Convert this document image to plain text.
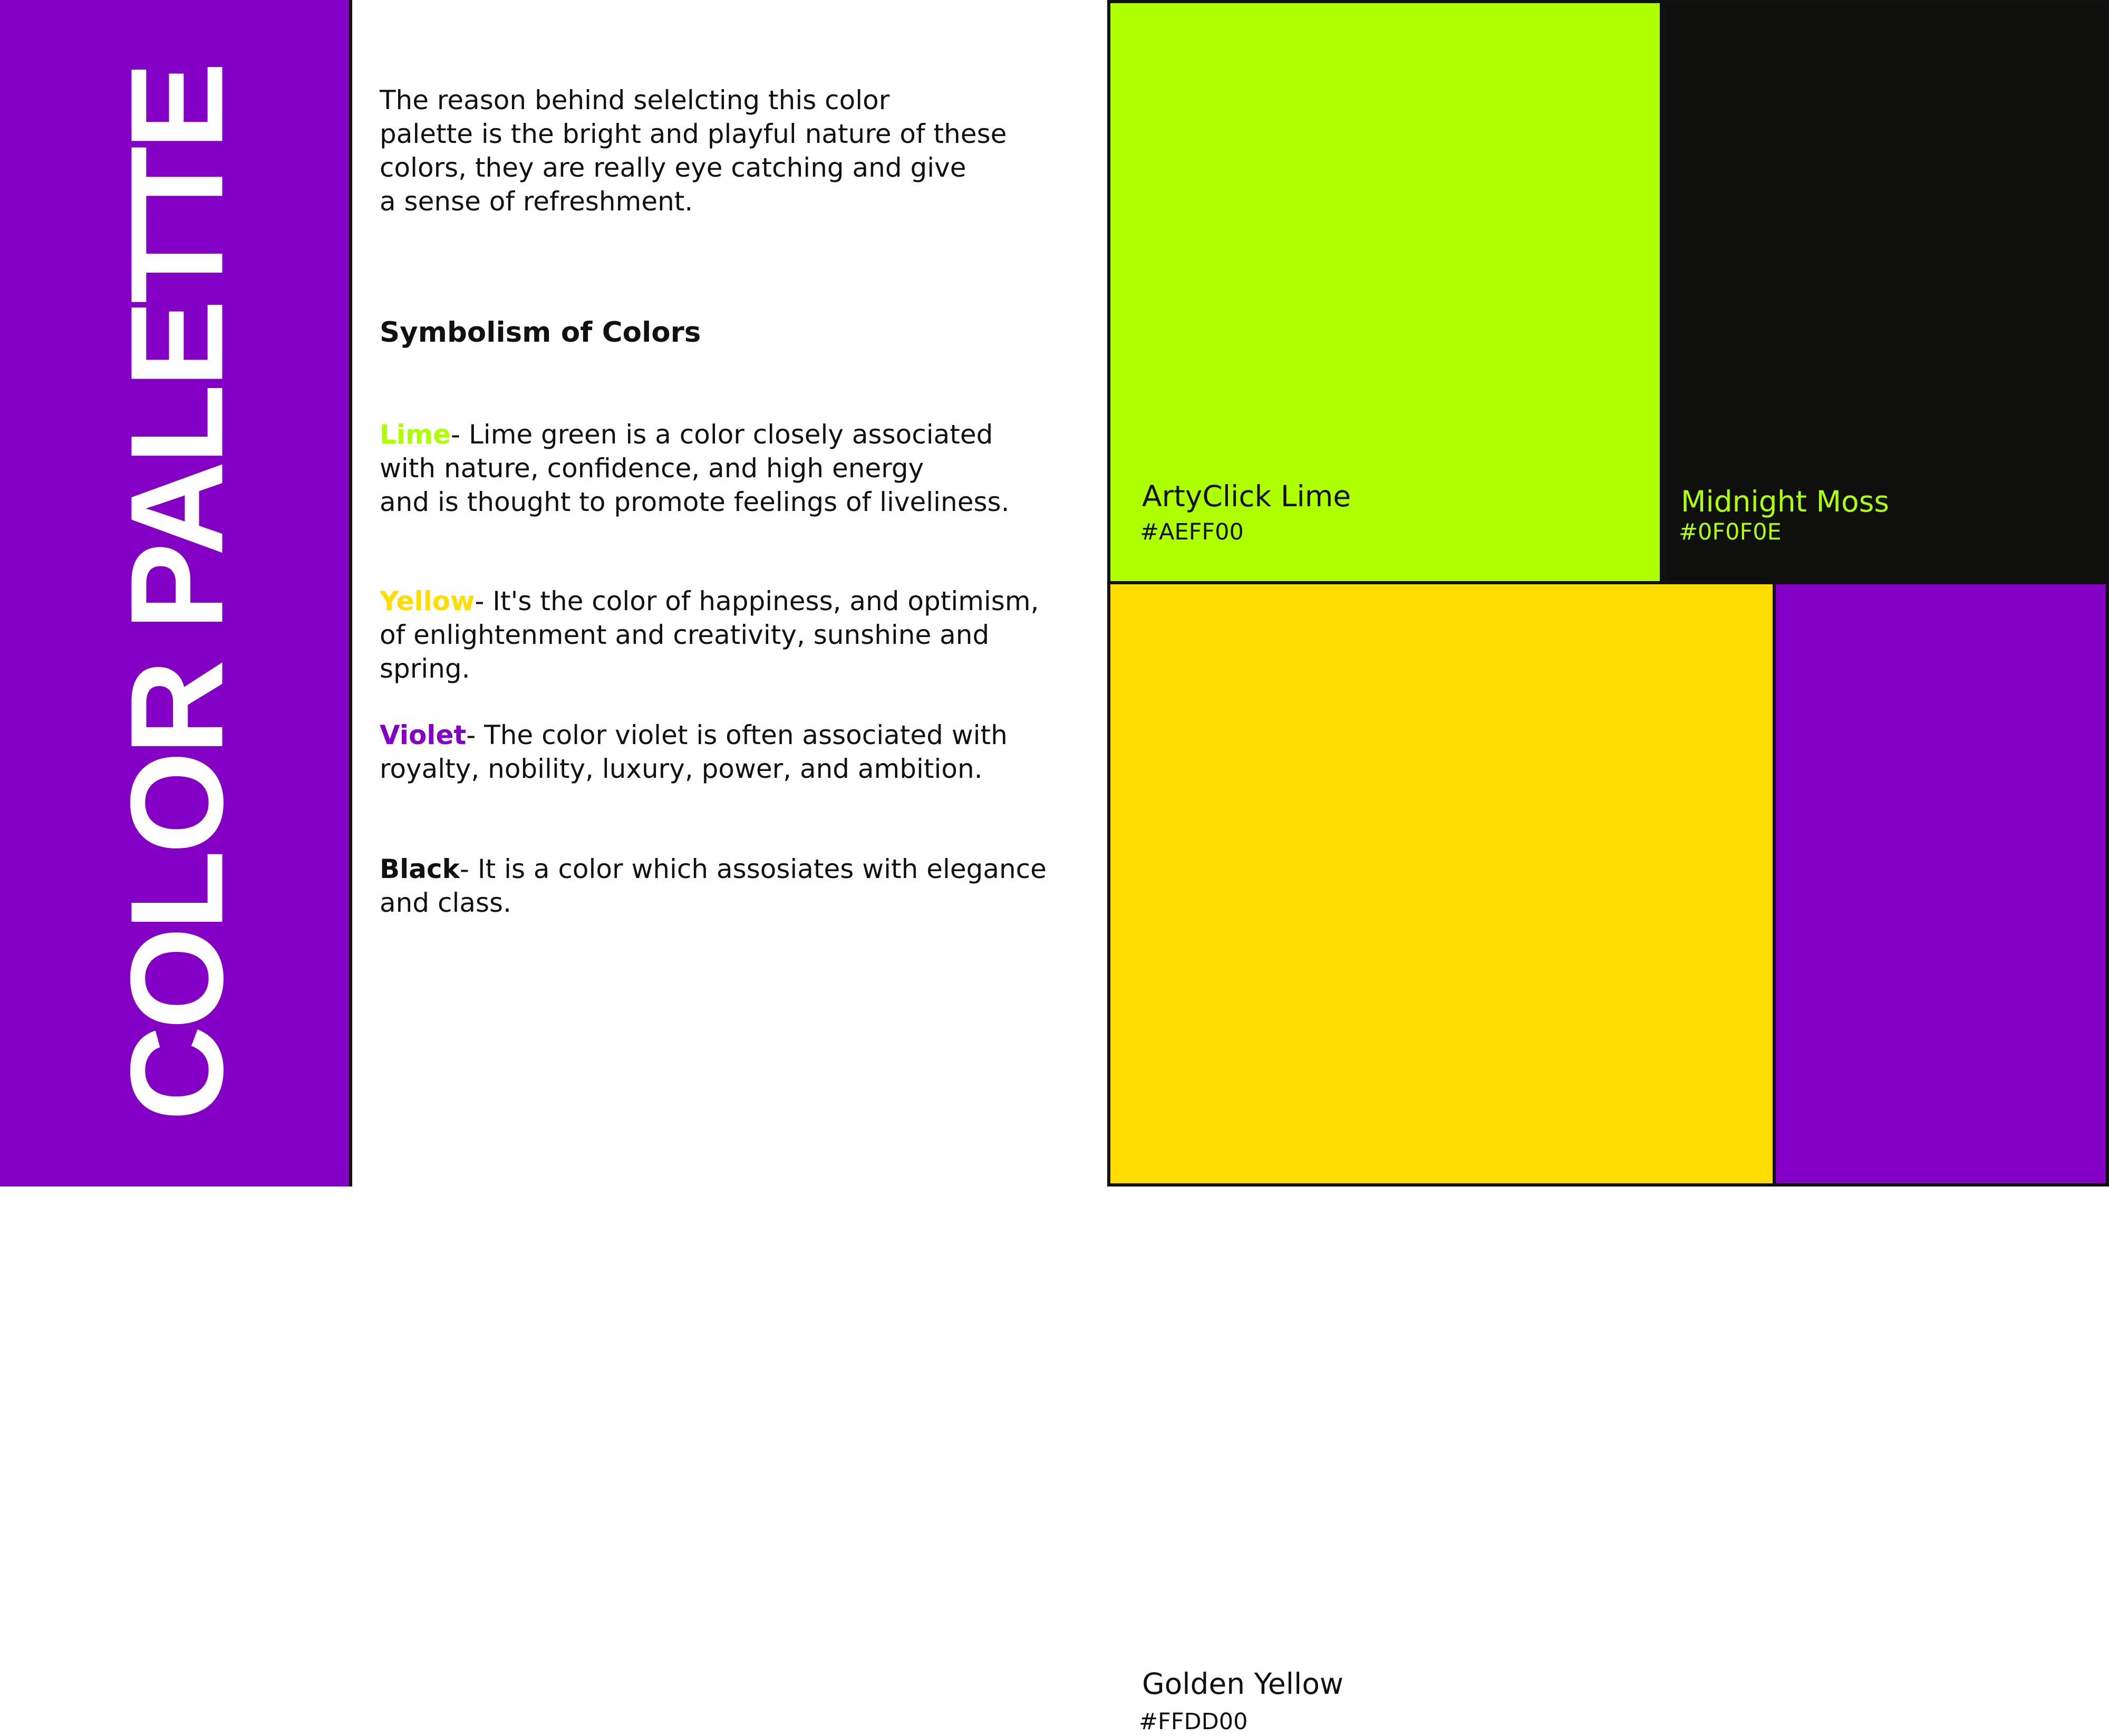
COLOR PALETTE	The reason behind selelcting this color
palette is the bright and playful nature of these
colors, they are really eye catching and give
a sense of refreshment.
Symbolism of Colors

Lime- Lime green is a color closely associated
with nature, confidence, and high energy
and is thought to promote feelings of liveliness.

Yellow- It's the color of happiness, and optimism,
of enlightenment and creativity, sunshine and spring.

Violet- The color violet is often associated with
royalty, nobility, luxury, power, and ambition.

Black- It is a color which assosiates with elegance
and class.

ArtyClick Lime
#AEFF00
Midnight Moss
#0F0F0E
Golden Yellow
#FFDD00
French Violet
#8300C4
